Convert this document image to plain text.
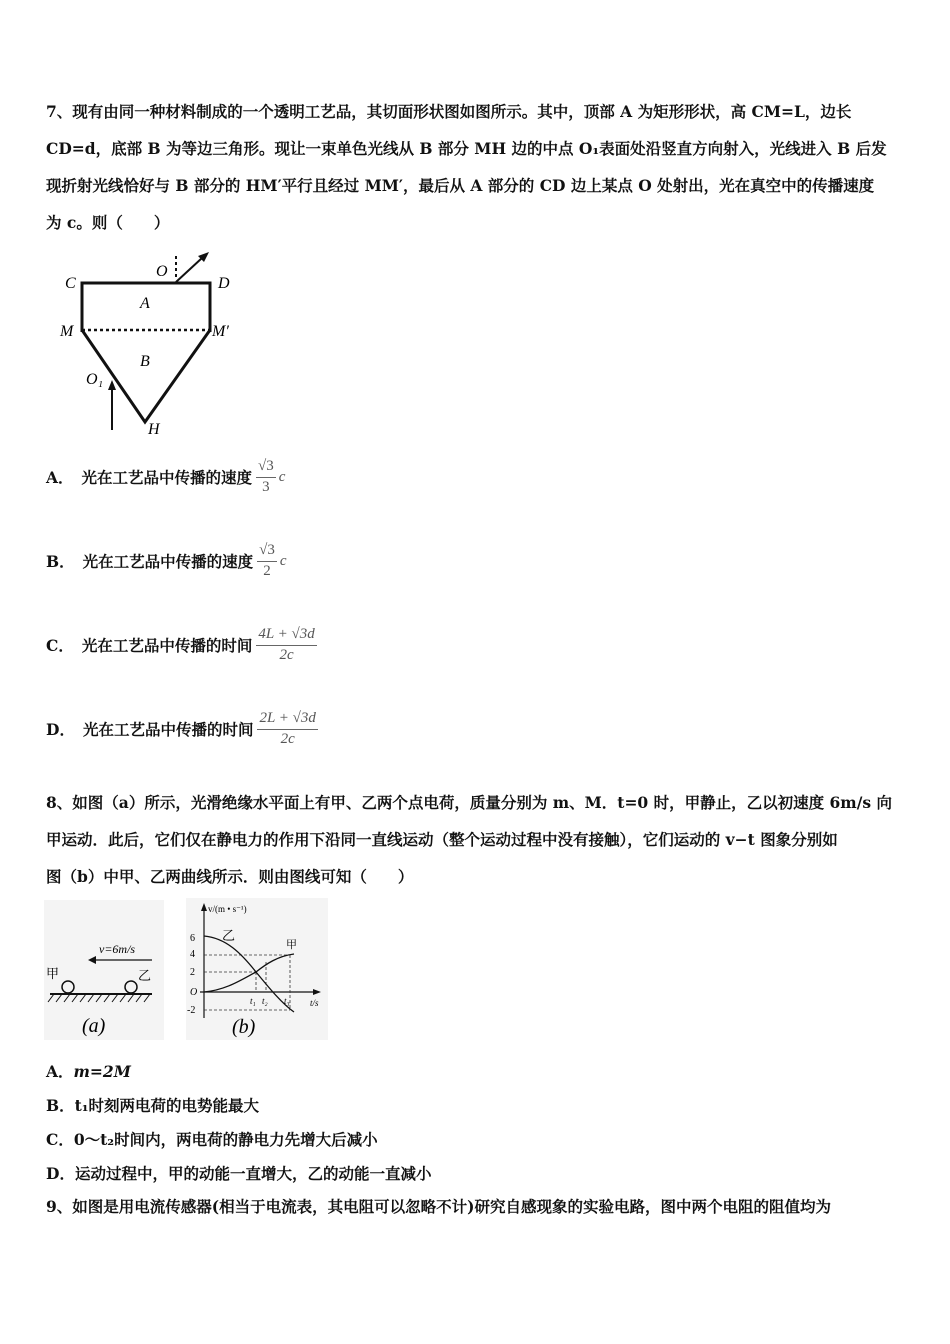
7、现有由同一种材料制成的一个透明工艺品，其切面形状图如图所示。其中，顶部 A 为矩形形状，高 CM=L，边长
CD=d，底部 B 为等边三角形。现让一束单色光线从 B 部分 MH 边的中点 O₁表面处沿竖直方向射入，光线进入 B 后发
现折射光线恰好与 B 部分的 HM′平行且经过 MM′，最后从 A 部分的 CD 边上某点 O 处射出，光在真空中的传播速度
为 c。则（　　）
C
O
D
A
M	M′
B
O₁
H
A． 光在工艺品中传播的速度 $\frac{√3}{3}$ c
B． 光在工艺品中传播的速度 $\frac{√3}{2}$ c
C． 光在工艺品中传播的时间 $\frac{4L + √3d}{2c}$
D． 光在工艺品中传播的时间 $\frac{2L + √3d}{2c}$
8、如图（a）所示，光滑绝缘水平面上有甲、乙两个点电荷，质量分别为 m、M．t=0 时，甲静止，乙以初速度 6m/s 向
甲运动．此后，它们仅在静电力的作用下沿同一直线运动（整个运动过程中没有接触），它们运动的 v−t 图象分别如
图（b）中甲、乙两曲线所示．则由图线可知（　　）
v=6m/s
甲	乙
(a)
v/(m • s⁻¹)
6
4
2
O
-2
乙
甲
t₁ t₂ t₃ t/s
(b)
A．m=2M
B．t₁时刻两电荷的电势能最大
C．0～t₂时间内，两电荷的静电力先增大后减小
D．运动过程中，甲的动能一直增大，乙的动能一直减小
9、如图是用电流传感器(相当于电流表，其电阻可以忽略不计)研究自感现象的实验电路，图中两个电阻的阻值均为
